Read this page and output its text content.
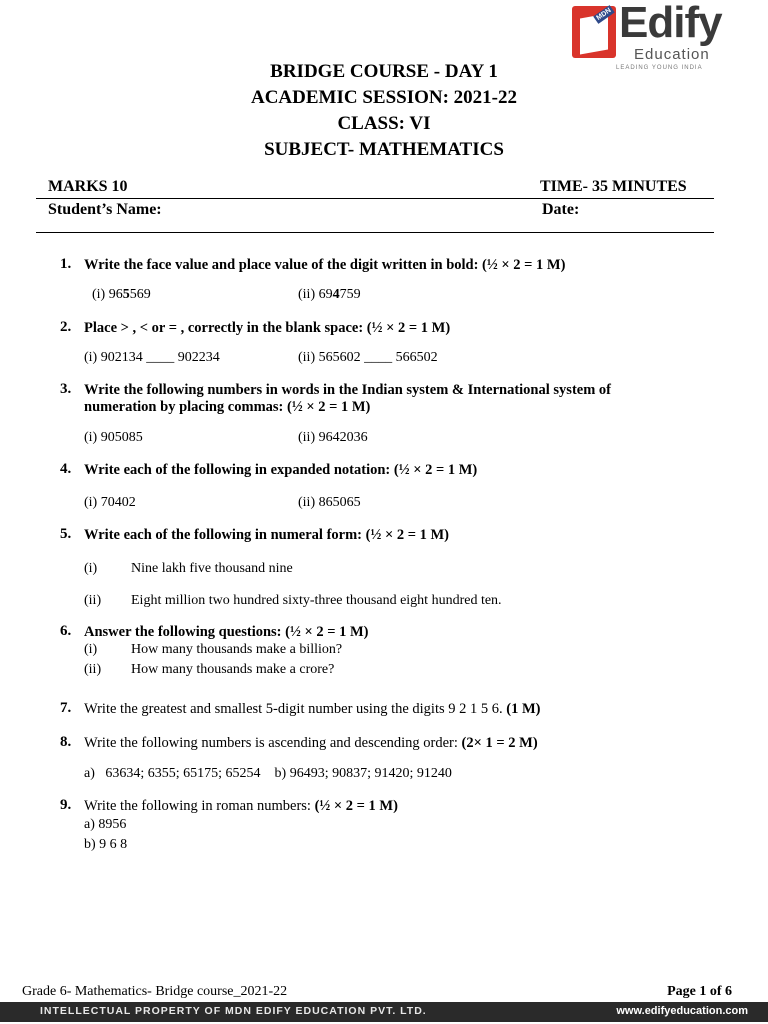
MDN Edify
Education
LEADING YOUNG INDIA
BRIDGE COURSE - DAY 1
ACADEMIC SESSION: 2021-22
CLASS: VI
SUBJECT- MATHEMATICS
MARKS 10	TIME- 35 MINUTES
Student’s Name:	Date:
1. Write the face value and place value of the digit written in bold: (½ × 2 = 1 M)
(i) 965569	(ii) 694759
2. Place > , < or = , correctly in the blank space: (½ × 2 = 1 M)
(i) 902134 ____ 902234	(ii) 565602 ____ 566502
3. Write the following numbers in words in the Indian system & International system of
numeration by placing commas: (½ × 2 = 1 M)
(i) 905085	(ii) 9642036
4. Write each of the following in expanded notation: (½ × 2 = 1 M)
(i) 70402	(ii) 865065
5. Write each of the following in numeral form: (½ × 2 = 1 M)
(i) Nine lakh five thousand nine
(ii) Eight million two hundred sixty-three thousand eight hundred ten.
6. Answer the following questions: (½ × 2 = 1 M)
(i) How many thousands make a billion?
(ii) How many thousands make a crore?
7. Write the greatest and smallest 5-digit number using the digits 9 2 1 5 6. (1 M)
8. Write the following numbers is ascending and descending order: (2× 1 = 2 M)
a)   63634; 6355; 65175; 65254    b) 96493; 90837; 91420; 91240
9. Write the following in roman numbers: (½ × 2 = 1 M)
a) 8956
b) 9 6 8
Grade 6- Mathematics- Bridge course_2021-22	Page 1 of 6
INTELLECTUAL PROPERTY OF MDN EDIFY EDUCATION PVT. LTD.	www.edifyeducation.com
